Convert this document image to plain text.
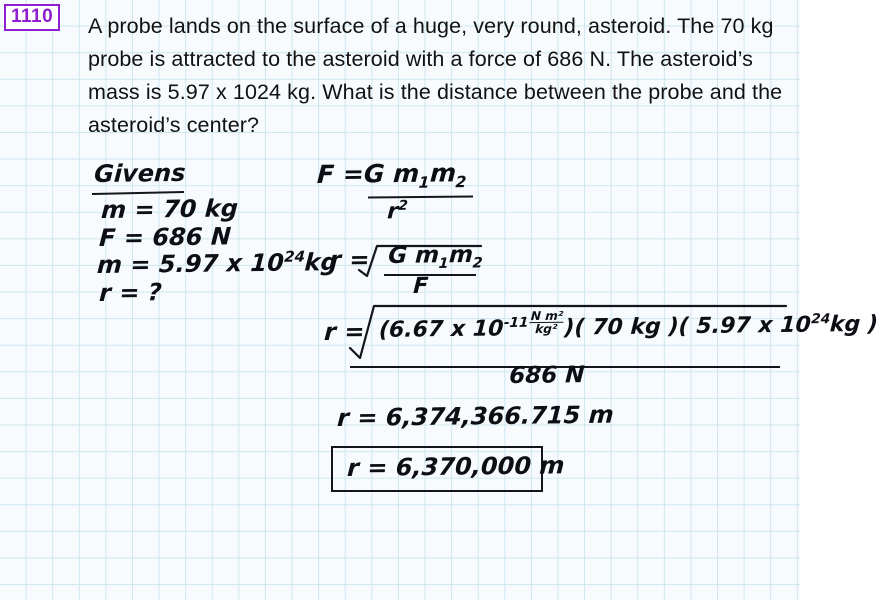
1110	A probe lands on the surface of a huge, very round, asteroid. The 70 kg probe is attracted to the asteroid with a force of 686 N. The asteroid’s mass is 5.97 x 1024 kg. What is the distance between the probe and the asteroid’s center?
Givens
m = 70 kg
F = 686 N
m = 5.97 x $10^{24}kg$
r = ?
F =G $m_1m_2$
$r^2$
r = G $m_1m_2$
F
r = (6.67 x $10^{-11} \frac{\text{N m²}}{\text{kg²}}$ )( 70 kg )( 5.97 x $10^{24}kg$ )
686 N
r = 6,374,366.715 m
r = 6,370,000 m
